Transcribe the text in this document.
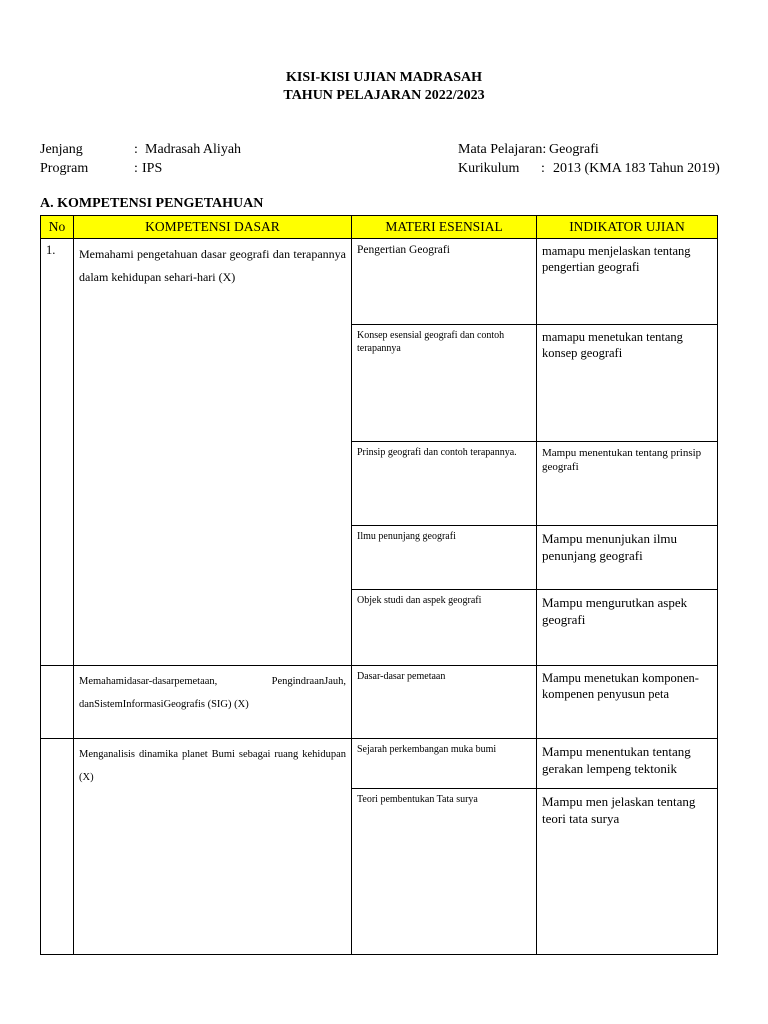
KISI-KISI UJIAN MADRASAH
TAHUN PELAJARAN 2022/2023
Jenjang	: Madrasah Aliyah
Program	: IPS
Mata Pelajaran: Geografi
Kurikulum : 2013 (KMA 183 Tahun 2019)
A. KOMPETENSI PENGETAHUAN
No	KOMPETENSI DASAR	MATERI ESENSIAL	INDIKATOR UJIAN
1.	Memahami pengetahuan dasar geografi dan terapannya dalam kehidupan sehari-hari (X)	Pengertian Geografi	mamapu menjelaskan tentang pengertian geografi
		Konsep esensial geografi dan contoh terapannya	mamapu menetukan tentang konsep geografi
		Prinsip geografi dan contoh terapannya.	Mampu menentukan tentang prinsip geografi
		Ilmu penunjang geografi	Mampu menunjukan ilmu penunjang geografi
		Objek studi dan aspek geografi	Mampu mengurutkan aspek geografi
	Memahamidasar-dasarpemetaan, PengindraanJauh, danSistemInformasiGeografis (SIG) (X)	Dasar-dasar pemetaan	Mampu menetukan komponen-kompenen penyusun peta
	Menganalisis dinamika planet Bumi sebagai ruang kehidupan (X)	Sejarah perkembangan muka bumi	Mampu menentukan tentang gerakan lempeng tektonik
		Teori pembentukan Tata surya	Mampu men jelaskan tentang teori tata surya
